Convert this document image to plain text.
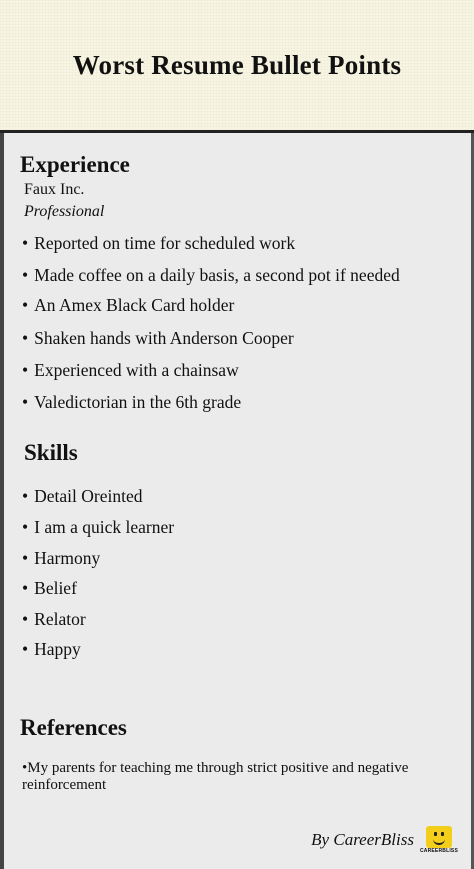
Worst Resume Bullet Points
Experience

Faux Inc.

Professional

• Reported on time for scheduled work
• Made coffee on a daily basis, a second pot if needed
• An Amex Black Card holder
• Shaken hands with Anderson Cooper
• Experienced with a chainsaw
• Valedictorian in the 6th grade
Skills
• Detail Oreinted
• I am a quick learner
• Harmony
• Belief
• Relator
• Happy
References

•My parents for teaching me through strict positive and negative reinforcement

By CareerBliss
CAREERBLISS
